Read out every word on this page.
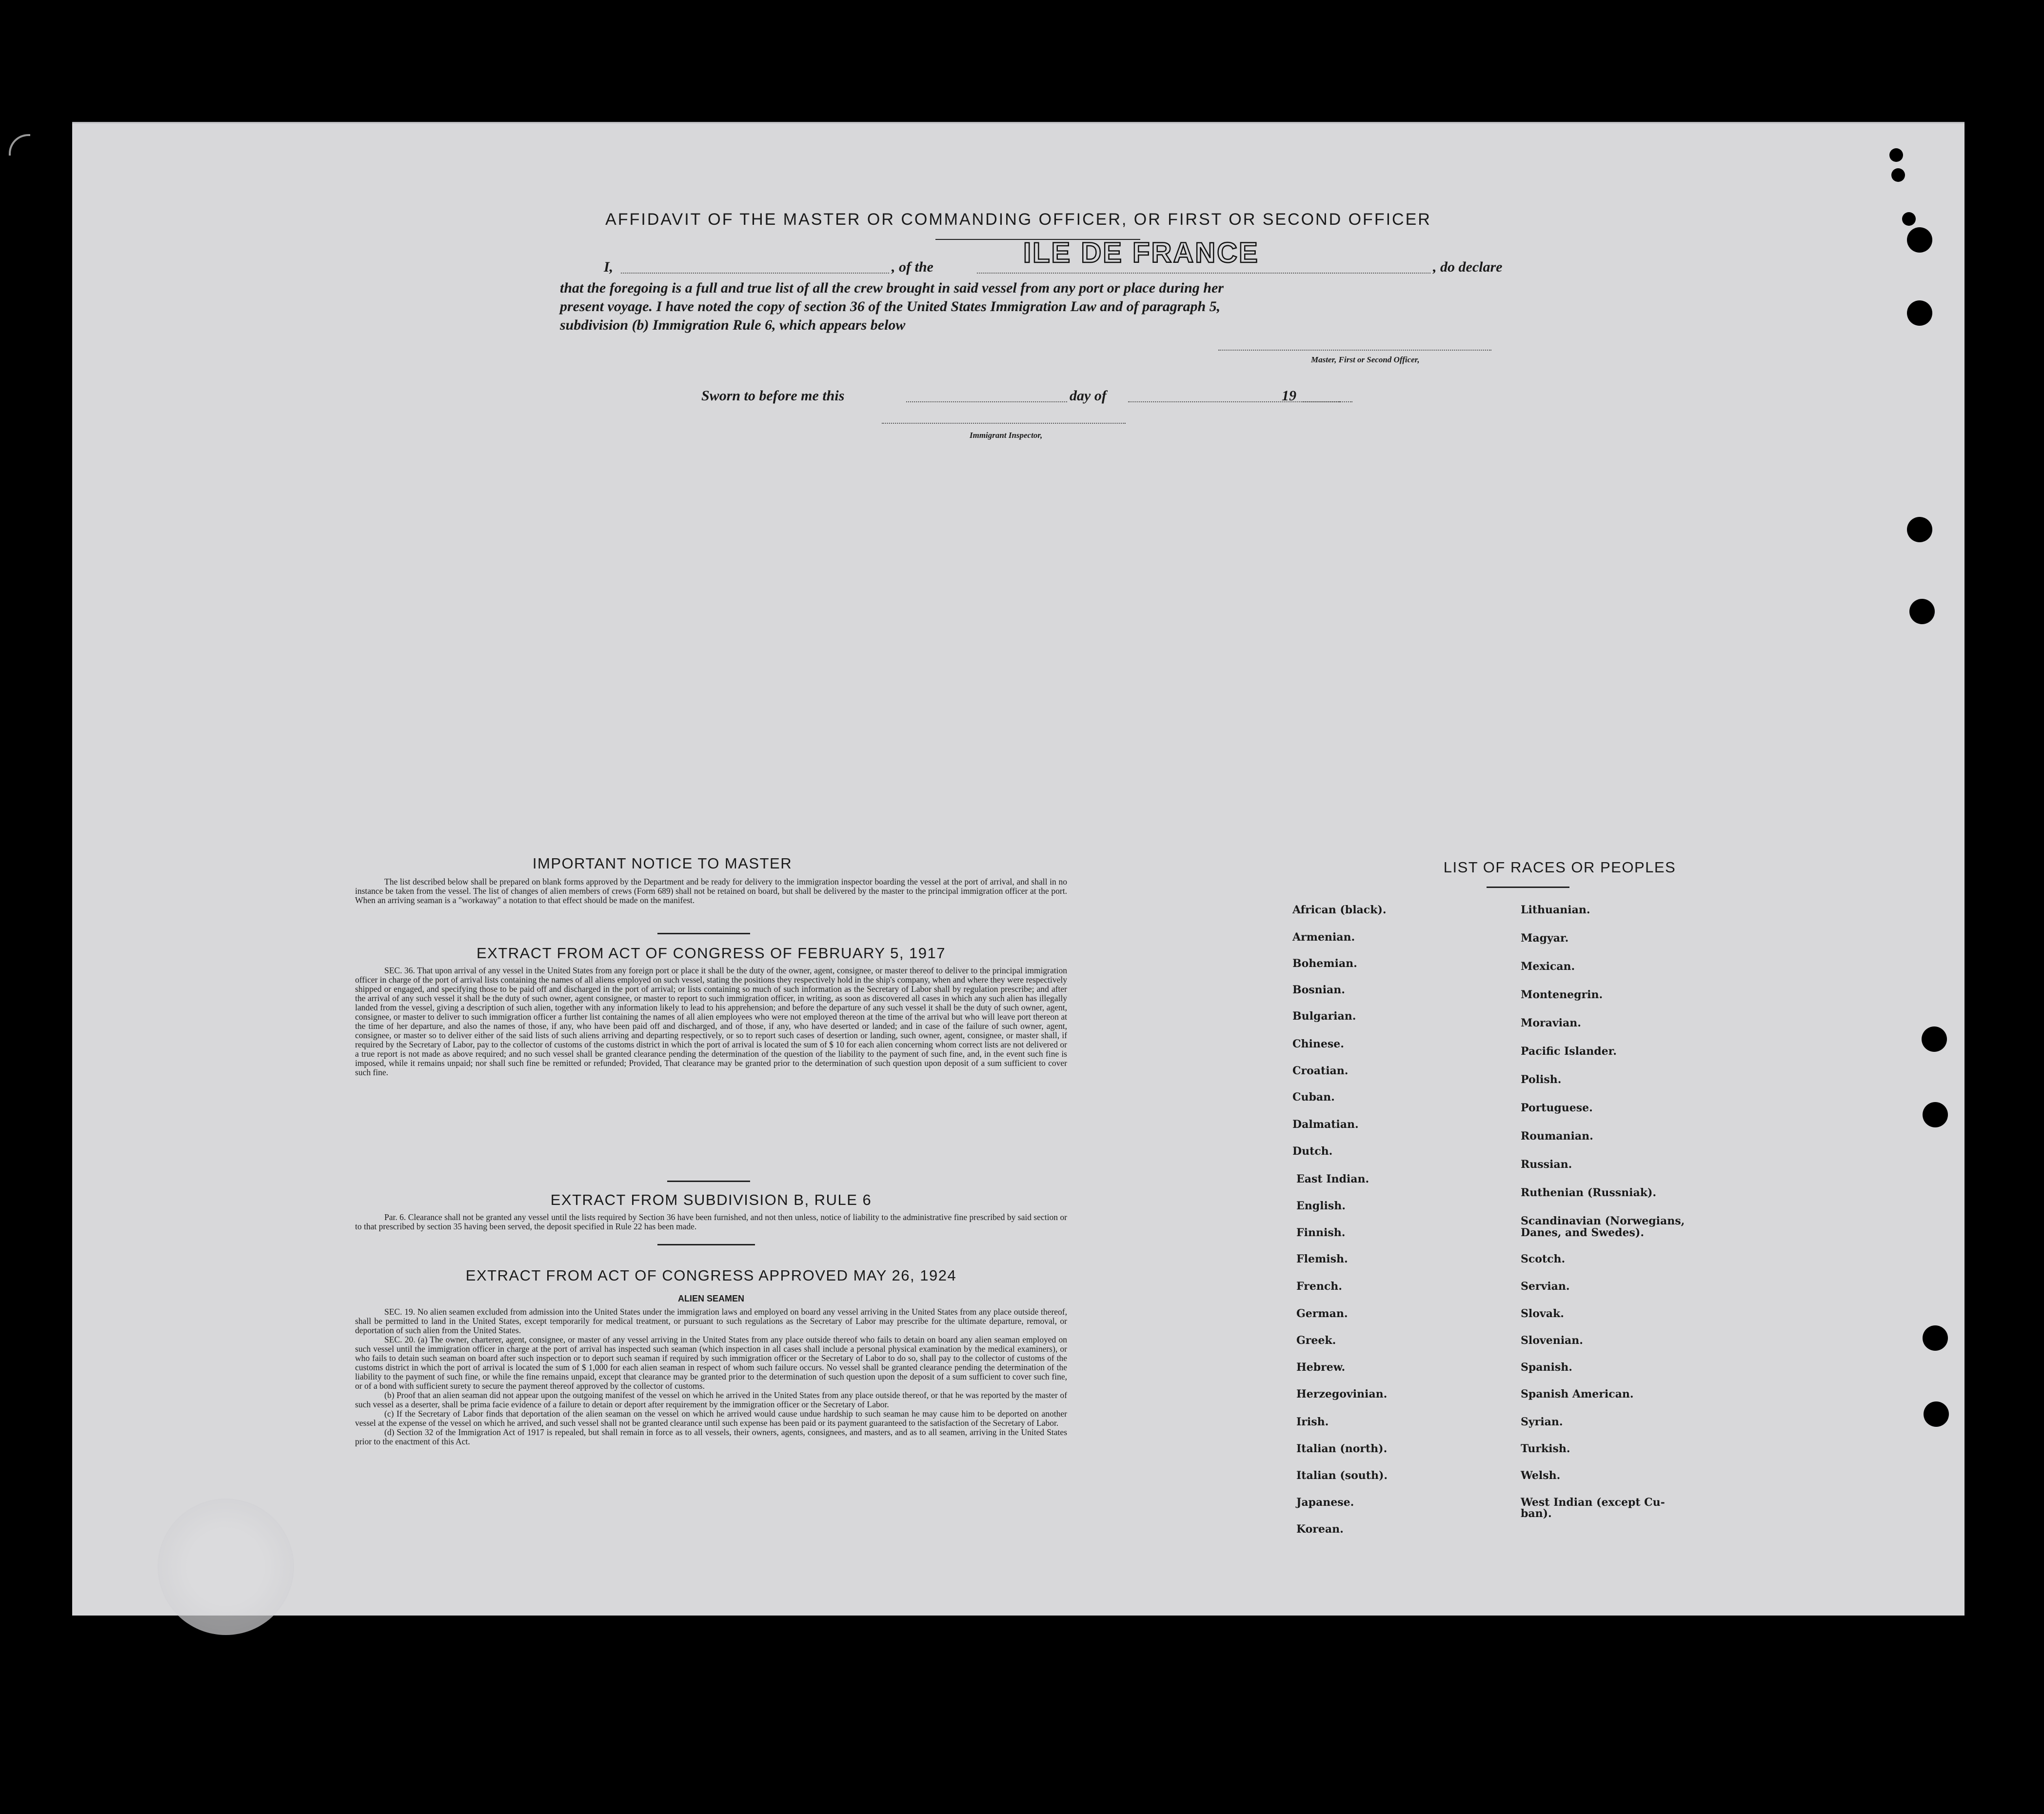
AFFIDAVIT OF THE MASTER OR COMMANDING OFFICER, OR FIRST OR SECOND OFFICER
I,	, of the	ILE DE FRANCE	, do declare
that the foregoing is a full and true list of all the crew brought in said vessel from any port or place during her
present voyage. I have noted the copy of section 36 of the United States Immigration Law and of paragraph 5,
subdivision (b) Immigration Rule 6, which appears below
Master, First or Second Officer,
Sworn to before me this	day of	19
Immigrant Inspector,
IMPORTANT NOTICE TO MASTER

The list described below shall be prepared on blank forms approved by the Department and be ready for delivery to the immigration inspector boarding the vessel at the port of arrival, and shall in no instance be taken from the vessel. The list of changes of alien members of crews (Form 689) shall not be retained on board, but shall be delivered by the master to the principal immigration officer at the port. When an arriving seaman is a "workaway" a notation to that effect should be made on the manifest.

EXTRACT FROM ACT OF CONGRESS OF FEBRUARY 5, 1917

SEC. 36. That upon arrival of any vessel in the United States from any foreign port or place it shall be the duty of the owner, agent, consignee, or master thereof to deliver to the principal immigration officer in charge of the port of arrival lists containing the names of all aliens employed on such vessel, stating the positions they respectively hold in the ship's company, when and where they were respectively shipped or engaged, and specifying those to be paid off and discharged in the port of arrival; or lists containing so much of such information as the Secretary of Labor shall by regulation prescribe; and after the arrival of any such vessel it shall be the duty of such owner, agent consignee, or master to report to such immigration officer, in writing, as soon as discovered all cases in which any such alien has illegally landed from the vessel, giving a description of such alien, together with any information likely to lead to his apprehension; and before the departure of any such vessel it shall be the duty of such owner, agent, consignee, or master to deliver to such immigration officer a further list containing the names of all alien employees who were not employed thereon at the time of the arrival but who will leave port thereon at the time of her departure, and also the names of those, if any, who have been paid off and discharged, and of those, if any, who have deserted or landed; and in case of the failure of such owner, agent, consignee, or master so to deliver either of the said lists of such aliens arriving and departing respectively, or so to report such cases of desertion or landing, such owner, agent, consignee, or master shall, if required by the Secretary of Labor, pay to the collector of customs of the customs district in which the port of arrival is located the sum of $ 10 for each alien concerning whom correct lists are not delivered or a true report is not made as above required; and no such vessel shall be granted clearance pending the determination of the question of the liability to the payment of such fine, and, in the event such fine is imposed, while it remains unpaid; nor shall such fine be remitted or refunded; Provided, That clearance may be granted prior to the determination of such question upon deposit of a sum sufficient to cover such fine.

EXTRACT FROM SUBDIVISION B, RULE 6

Par. 6. Clearance shall not be granted any vessel until the lists required by Section 36 have been furnished, and not then unless, notice of liability to the administrative fine prescribed by said section or to that prescribed by section 35 having been served, the deposit specified in Rule 22 has been made.

EXTRACT FROM ACT OF CONGRESS APPROVED MAY 26, 1924
ALIEN SEAMEN

SEC. 19. No alien seamen excluded from admission into the United States under the immigration laws and employed on board any vessel arriving in the United States from any place outside thereof, shall be permitted to land in the United States, except temporarily for medical treatment, or pursuant to such regulations as the Secretary of Labor may prescribe for the ultimate departure, removal, or deportation of such alien from the United States.

SEC. 20. (a) The owner, charterer, agent, consignee, or master of any vessel arriving in the United States from any place outside thereof who fails to detain on board any alien seaman employed on such vessel until the immigration officer in charge at the port of arrival has inspected such seaman (which inspection in all cases shall include a personal physical examination by the medical examiners), or who fails to detain such seaman on board after such inspection or to deport such seaman if required by such immigration officer or the Secretary of Labor to do so, shall pay to the collector of customs of the customs district in which the port of arrival is located the sum of $ 1,000 for each alien seaman in respect of whom such failure occurs. No vessel shall be granted clearance pending the determination of the liability to the payment of such fine, or while the fine remains unpaid, except that clearance may be granted prior to the determination of such question upon the deposit of a sum sufficient to cover such fine, or of a bond with sufficient surety to secure the payment thereof approved by the collector of customs.

(b) Proof that an alien seaman did not appear upon the outgoing manifest of the vessel on which he arrived in the United States from any place outside thereof, or that he was reported by the master of such vessel as a deserter, shall be prima facie evidence of a failure to detain or deport after requirement by the immigration officer or the Secretary of Labor.

(c) If the Secretary of Labor finds that deportation of the alien seaman on the vessel on which he arrived would cause undue hardship to such seaman he may cause him to be deported on another vessel at the expense of the vessel on which he arrived, and such vessel shall not be granted clearance until such expense has been paid or its payment guaranteed to the satisfaction of the Secretary of Labor.

(d) Section 32 of the Immigration Act of 1917 is repealed, but shall remain in force as to all vessels, their owners, agents, consignees, and masters, and as to all seamen, arriving in the United States prior to the enactment of this Act.

LIST OF RACES OR PEOPLES
African (black).
Armenian.
Bohemian.
Bosnian.
Bulgarian.
Chinese.
Croatian.
Cuban.
Dalmatian.
Dutch.
East Indian.
English.
Finnish.
Flemish.
French.
German.
Greek.
Hebrew.
Herzegovinian.
Irish.
Italian (north).
Italian (south).
Japanese.
Korean.
Lithuanian.
Magyar.
Mexican.
Montenegrin.
Moravian.
Pacific Islander.
Polish.
Portuguese.
Roumanian.
Russian.
Ruthenian (Russniak).
Scandinavian (Norwegians,
Danes, and Swedes).
Scotch.
Servian.
Slovak.
Slovenian.
Spanish.
Spanish American.
Syrian.
Turkish.
Welsh.
West Indian (except Cu-
ban).
